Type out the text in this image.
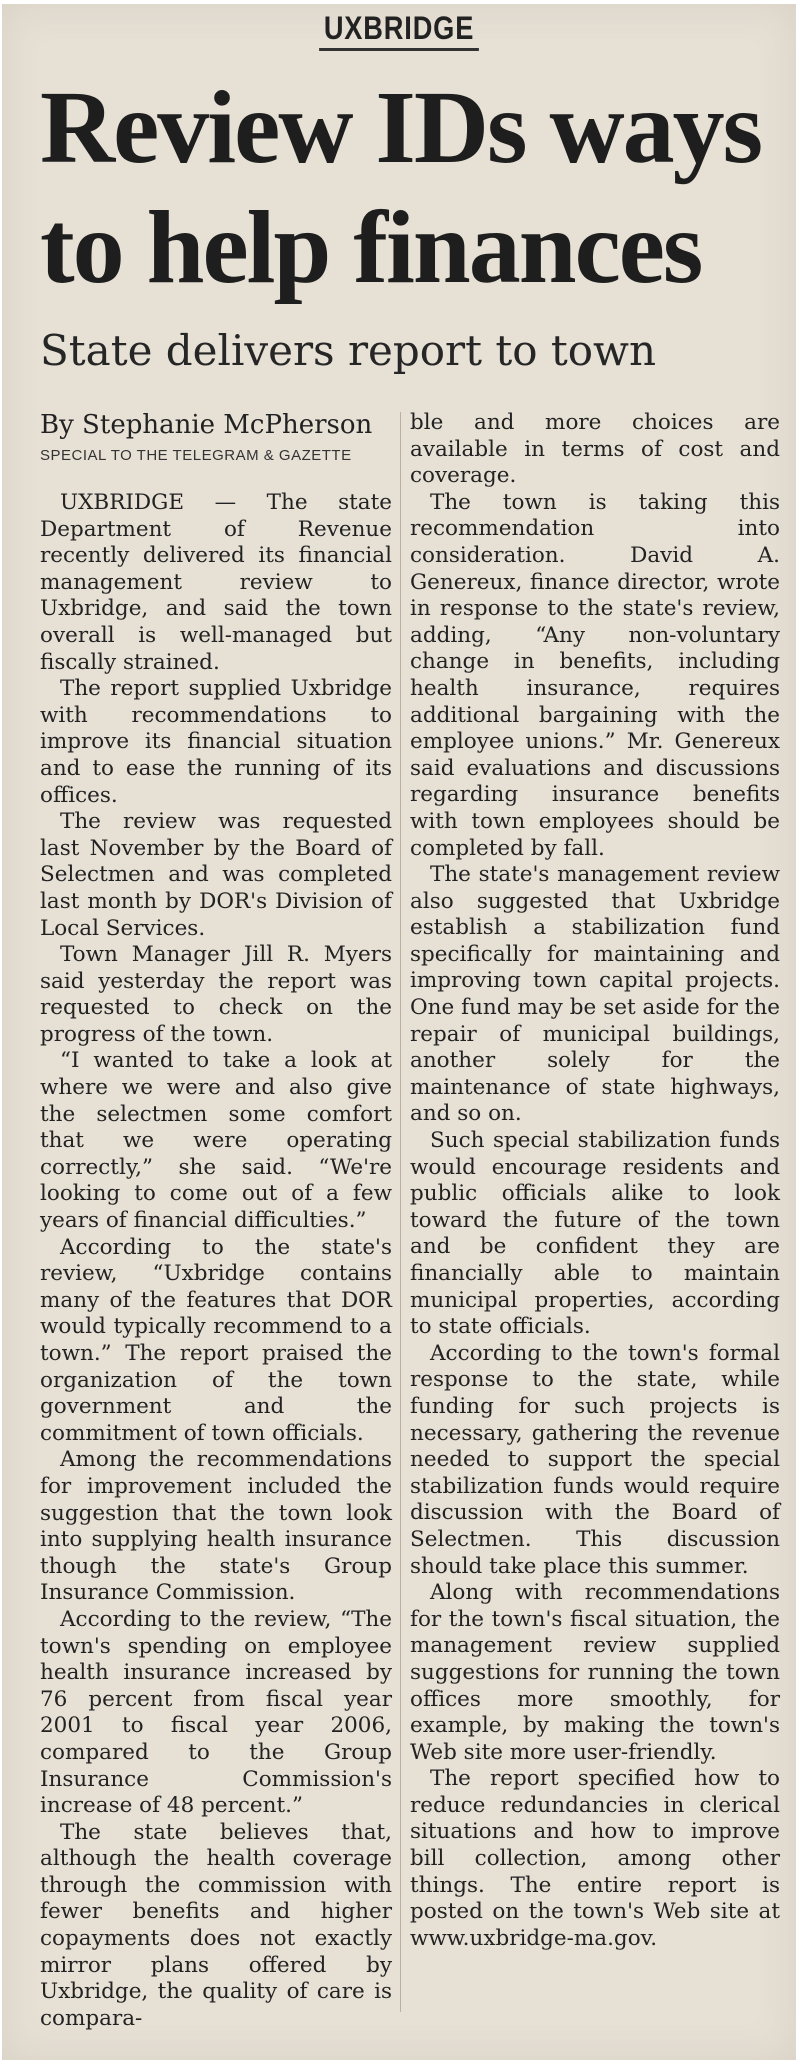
UXBRIDGE
Review IDs ways to help finances
State delivers report to town
By Stephanie McPherson
SPECIAL TO THE TELEGRAM & GAZETTE

UXBRIDGE — The state Department of Revenue recently delivered its financial management review to Uxbridge, and said the town overall is well-managed but fiscally strained.

The report supplied Uxbridge with recommendations to improve its financial situation and to ease the running of its offices.

The review was requested last November by the Board of Selectmen and was completed last month by DOR's Division of Local Services.

Town Manager Jill R. Myers said yesterday the report was requested to check on the progress of the town.

“I wanted to take a look at where we were and also give the selectmen some comfort that we were operating correctly,” she said. “We're looking to come out of a few years of financial difficulties.”

According to the state's review, “Uxbridge contains many of the features that DOR would typically recommend to a town.” The report praised the organization of the town government and the commitment of town officials.

Among the recommendations for improvement included the suggestion that the town look into supplying health insurance though the state's Group Insurance Commission.

According to the review, “The town's spending on employee health insurance increased by 76 percent from fiscal year 2001 to fiscal year 2006, compared to the Group Insurance Commission's increase of 48 percent.”

The state believes that, although the health coverage through the commission with fewer benefits and higher copayments does not exactly mirror plans offered by Uxbridge, the quality of care is compara-

ble and more choices are available in terms of cost and coverage.

The town is taking this recommendation into consideration. David A. Genereux, finance director, wrote in response to the state's review, adding, “Any non-voluntary change in benefits, including health insurance, requires additional bargaining with the employee unions.” Mr. Genereux said evaluations and discussions regarding insurance benefits with town employees should be completed by fall.

The state's management review also suggested that Uxbridge establish a stabilization fund specifically for maintaining and improving town capital projects. One fund may be set aside for the repair of municipal buildings, another solely for the maintenance of state highways, and so on.

Such special stabilization funds would encourage residents and public officials alike to look toward the future of the town and be confident they are financially able to maintain municipal properties, according to state officials.

According to the town's formal response to the state, while funding for such projects is necessary, gathering the revenue needed to support the special stabilization funds would require discussion with the Board of Selectmen. This discussion should take place this summer.

Along with recommendations for the town's fiscal situation, the management review supplied suggestions for running the town offices more smoothly, for example, by making the town's Web site more user-friendly.

The report specified how to reduce redundancies in clerical situations and how to improve bill collection, among other things. The entire report is posted on the town's Web site at www.uxbridge-ma.gov.
